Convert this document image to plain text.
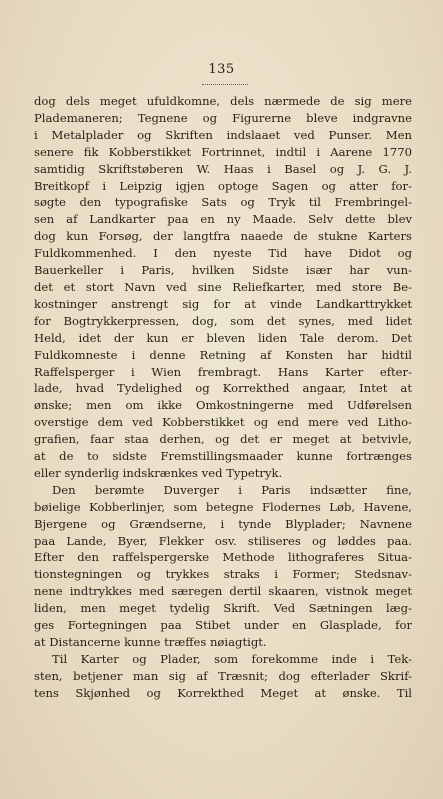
135
dog dels meget ufuldkomne, dels nærmede de sig mere
Plademaneren; Tegnene og Figurerne bleve indgravne
i Metalplader og Skriften indslaaet ved Punser. Men
senere fik Kobberstikket Fortrinnet, indtil i Aarene 1770
samtidig Skriftstøberen W. Haas i Basel og J. G. J.
Breitkopf i Leipzig igjen optoge Sagen og atter for-
søgte den typografiske Sats og Tryk til Frembringel-
sen af Landkarter paa en ny Maade. Selv dette blev
dog kun Forsøg, der langtfra naaede de stukne Karters
Fuldkommenhed. I den nyeste Tid have Didot og
Bauerkeller i Paris, hvilken Sidste især har vun-
det et stort Navn ved sine Reliefkarter, med store Be-
kostninger anstrengt sig for at vinde Landkarttrykket
for Bogtrykkerpressen, dog, som det synes, med lidet
Held, idet der kun er bleven liden Tale derom. Det
Fuldkomneste i denne Retning af Konsten har hidtil
Raffelsperger i Wien frembragt. Hans Karter efter-
lade, hvad Tydelighed og Korrekthed angaar, Intet at
ønske; men om ikke Omkostningerne med Udførelsen
overstige dem ved Kobberstikket og end mere ved Litho-
grafien, faar staa derhen, og det er meget at betvivle,
at de to sidste Fremstillingsmaader kunne fortrænges
eller synderlig indskrænkes ved Typetryk.
Den berømte Duverger i Paris indsætter fine,
bøielige Kobberlinjer, som betegne Flodernes Løb, Havene,
Bjergene og Grændserne, i tynde Blyplader; Navnene
paa Lande, Byer, Flekker osv. stiliseres og løddes paa.
Efter den raffelspergerske Methode lithograferes Situa-
tionstegningen og trykkes straks i Former; Stedsnav-
nene indtrykkes med særegen dertil skaaren, vistnok meget
liden, men meget tydelig Skrift. Ved Sætningen læg-
ges Fortegningen paa Stibet under en Glasplade, for
at Distancerne kunne træffes nøiagtigt.
Til Karter og Plader, som forekomme inde i Tek-
sten, betjener man sig af Træsnit; dog efterlader Skrif-
tens Skjønhed og Korrekthed Meget at ønske. Til
